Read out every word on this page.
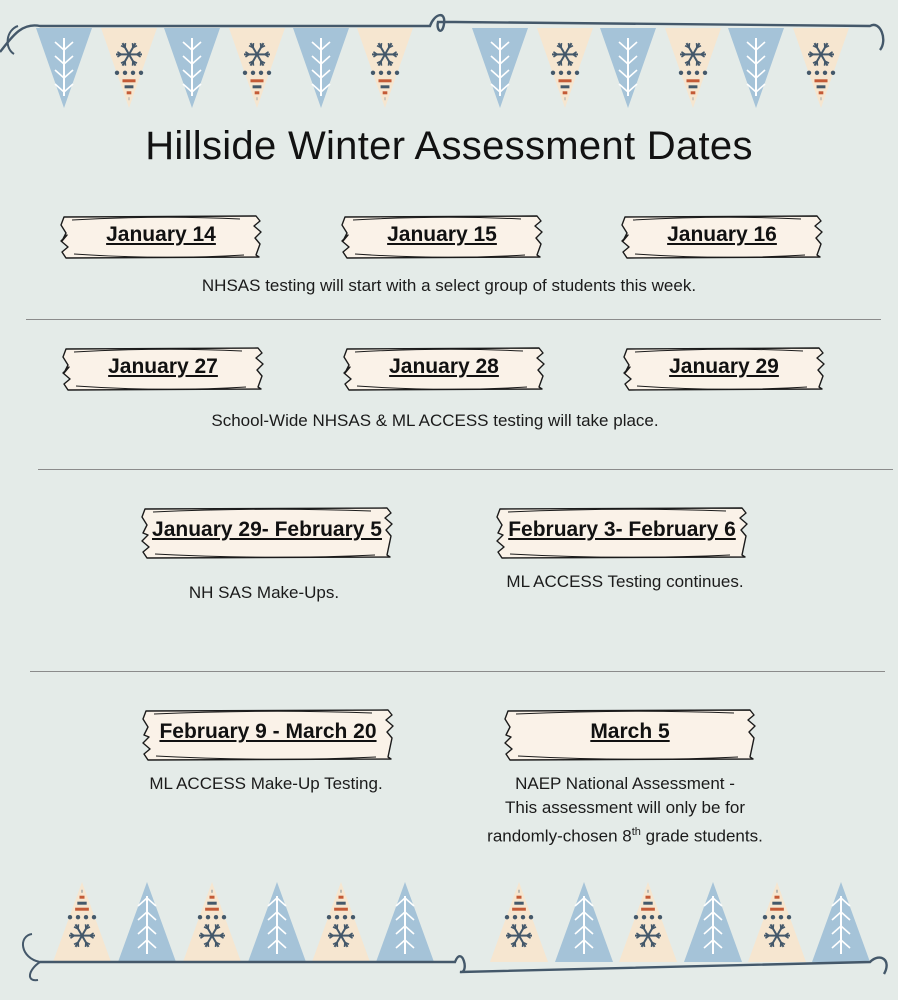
Hillside Winter Assessment Dates
January 14	January 15	January 16
NHSAS testing will start with a select group of students this week.
January 27	January 28	January 29
School-Wide NHSAS & ML ACCESS testing will take place.
January 29- February 5	February 3- February 6
NH SAS Make-Ups.
ML ACCESS Testing continues.
February 9 - March 20	March 5
ML ACCESS Make-Up Testing.	NAEP National Assessment -
This assessment will only be for
randomly-chosen 8th grade students.
